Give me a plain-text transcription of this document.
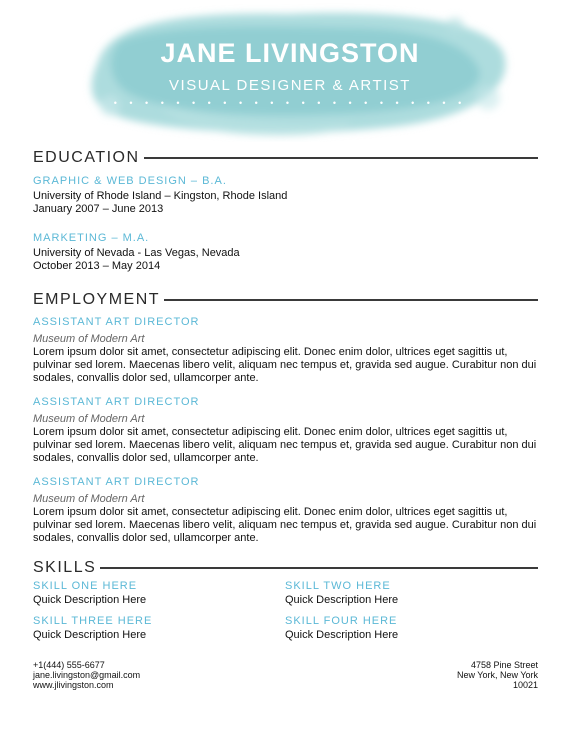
JANE LIVINGSTON
VISUAL DESIGNER & ARTIST
• • • • • • • • • • • • • • • • • • • • • • •
EDUCATION
GRAPHIC & WEB DESIGN – B.A.
University of Rhode Island – Kingston, Rhode Island
January 2007 – June 2013
MARKETING – M.A.
University of Nevada - Las Vegas, Nevada
October 2013 – May 2014
EMPLOYMENT
ASSISTANT ART DIRECTOR
Museum of Modern Art
Lorem ipsum dolor sit amet, consectetur adipiscing elit. Donec enim dolor, ultrices eget sagittis ut, pulvinar sed lorem. Maecenas libero velit, aliquam nec tempus et, gravida sed augue. Curabitur non dui sodales, convallis dolor sed, ullamcorper ante.
ASSISTANT ART DIRECTOR
Museum of Modern Art
Lorem ipsum dolor sit amet, consectetur adipiscing elit. Donec enim dolor, ultrices eget sagittis ut, pulvinar sed lorem. Maecenas libero velit, aliquam nec tempus et, gravida sed augue. Curabitur non dui sodales, convallis dolor sed, ullamcorper ante.
ASSISTANT ART DIRECTOR
Museum of Modern Art
Lorem ipsum dolor sit amet, consectetur adipiscing elit. Donec enim dolor, ultrices eget sagittis ut, pulvinar sed lorem. Maecenas libero velit, aliquam nec tempus et, gravida sed augue. Curabitur non dui sodales, convallis dolor sed, ullamcorper ante.
SKILLS
SKILL ONE HERE
Quick Description Here
SKILL TWO HERE
Quick Description Here
SKILL THREE HERE
Quick Description Here
SKILL FOUR HERE
Quick Description Here
+1(444) 555-6677
jane.livingston@gmail.com
www.jlivingston.com
4758 Pine Street
New York, New York
10021
